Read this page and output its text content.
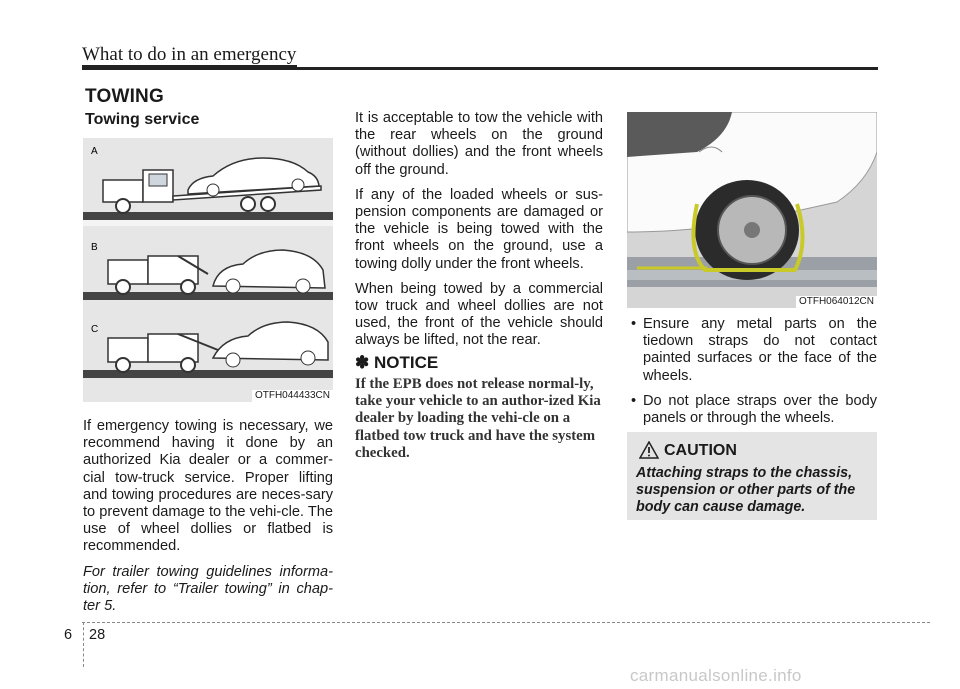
What to do in an emergency
TOWING
Towing service
A
B
C
OTFH044433CN

If emergency towing is necessary, we recommend having it done by an authorized Kia dealer or a commer-cial tow-truck service. Proper lifting and towing procedures are neces-sary to prevent damage to the vehi-cle. The use of wheel dollies or flatbed is recommended.

For trailer towing guidelines informa-tion, refer to “Trailer towing” in chap-ter 5.

It is acceptable to tow the vehicle with the rear wheels on the ground (without dollies) and the front wheels off the ground.

If any of the loaded wheels or sus-pension components are damaged or the vehicle is being towed with the front wheels on the ground, use a towing dolly under the front wheels.

When being towed by a commercial tow truck and wheel dollies are not used, the front of the vehicle should always be lifted, not the rear.

✽ NOTICE
If the EPB does not release normal-ly, take your vehicle to an author-ized Kia dealer by loading the vehi-cle on a flatbed tow truck and have the system checked.
OTFH064012CN
• Ensure any metal parts on the tiedown straps do not contact painted surfaces or the face of the wheels.
• Do not place straps over the body panels or through the wheels.
CAUTION
Attaching straps to the chassis, suspension or other parts of the body can cause damage.
6 28
carmanualsonline.info
